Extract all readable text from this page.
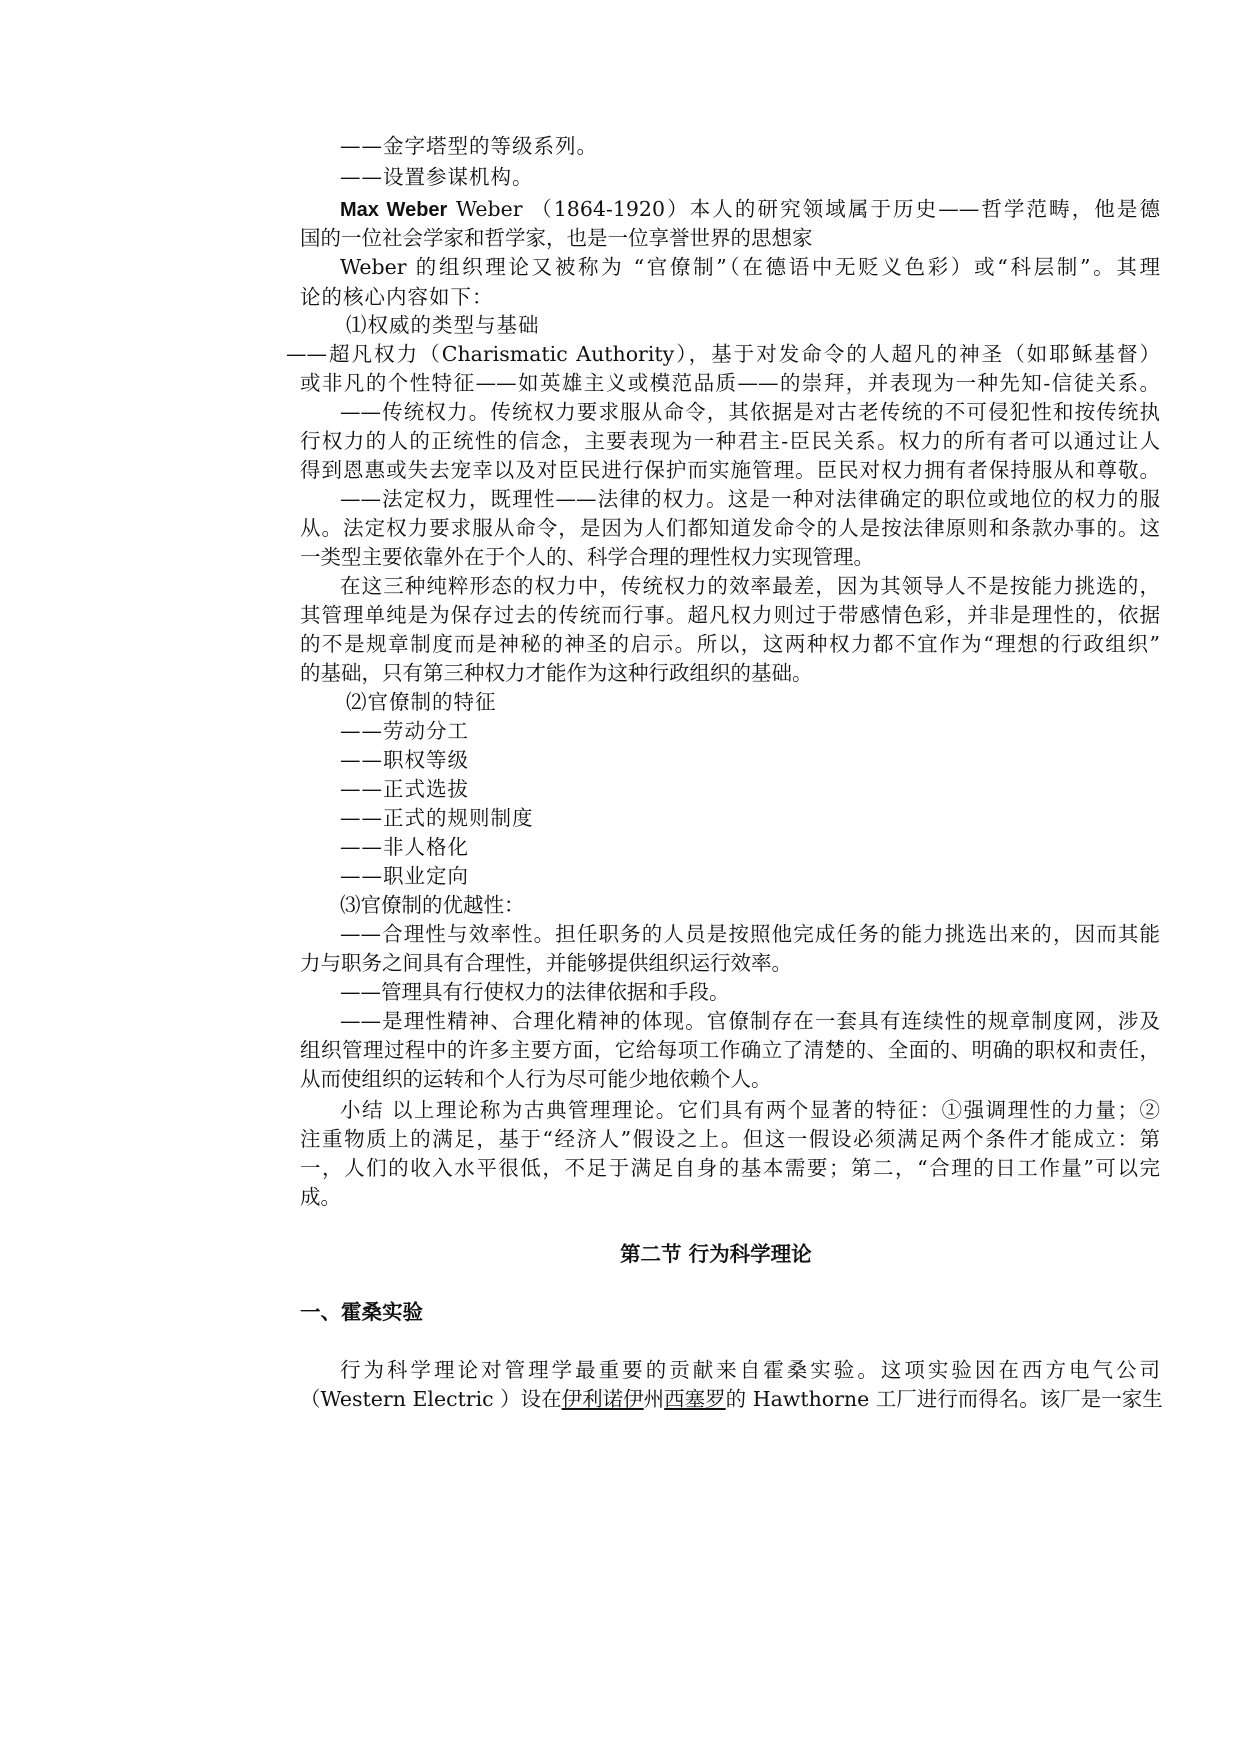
——金字塔型的等级系列。
——设置参谋机构。
Max Weber Weber （1864-1920）本人的研究领域属于历史——哲学范畴，他是德
国的一位社会学家和哲学家，也是一位享誉世界的思想家
Weber 的组织理论又被称为 “官僚制”（在德语中无贬义色彩）或“科层制”。其理
论的核心内容如下：
⑴权威的类型与基础
——超凡权力（Charismatic Authority），基于对发命令的人超凡的神圣（如耶稣基督）
或非凡的个性特征——如英雄主义或模范品质——的崇拜，并表现为一种先知-信徒关系。
——传统权力。传统权力要求服从命令，其依据是对古老传统的不可侵犯性和按传统执
行权力的人的正统性的信念，主要表现为一种君主-臣民关系。权力的所有者可以通过让人
得到恩惠或失去宠幸以及对臣民进行保护而实施管理。臣民对权力拥有者保持服从和尊敬。
——法定权力，既理性——法律的权力。这是一种对法律确定的职位或地位的权力的服
从。法定权力要求服从命令，是因为人们都知道发命令的人是按法律原则和条款办事的。这
一类型主要依靠外在于个人的、科学合理的理性权力实现管理。
在这三种纯粹形态的权力中，传统权力的效率最差，因为其领导人不是按能力挑选的，
其管理单纯是为保存过去的传统而行事。超凡权力则过于带感情色彩，并非是理性的，依据
的不是规章制度而是神秘的神圣的启示。所以，这两种权力都不宜作为“理想的行政组织”
的基础，只有第三种权力才能作为这种行政组织的基础。
⑵官僚制的特征
——劳动分工
——职权等级
——正式选拔
——正式的规则制度
——非人格化
——职业定向
⑶官僚制的优越性：
——合理性与效率性。担任职务的人员是按照他完成任务的能力挑选出来的，因而其能
力与职务之间具有合理性，并能够提供组织运行效率。
——管理具有行使权力的法律依据和手段。
——是理性精神、合理化精神的体现。官僚制存在一套具有连续性的规章制度网，涉及
组织管理过程中的许多主要方面，它给每项工作确立了清楚的、全面的、明确的职权和责任，
从而使组织的运转和个人行为尽可能少地依赖个人。
小结 以上理论称为古典管理理论。它们具有两个显著的特征：①强调理性的力量；②
注重物质上的满足，基于“经济人”假设之上。但这一假设必须满足两个条件才能成立：第
一，人们的收入水平很低，不足于满足自身的基本需要；第二，“合理的日工作量”可以完
成。
第二节 行为科学理论
一、霍桑实验
行为科学理论对管理学最重要的贡献来自霍桑实验。这项实验因在西方电气公司
（Western Electric ）设在伊利诺伊州西塞罗的 Hawthorne 工厂进行而得名。该厂是一家生
